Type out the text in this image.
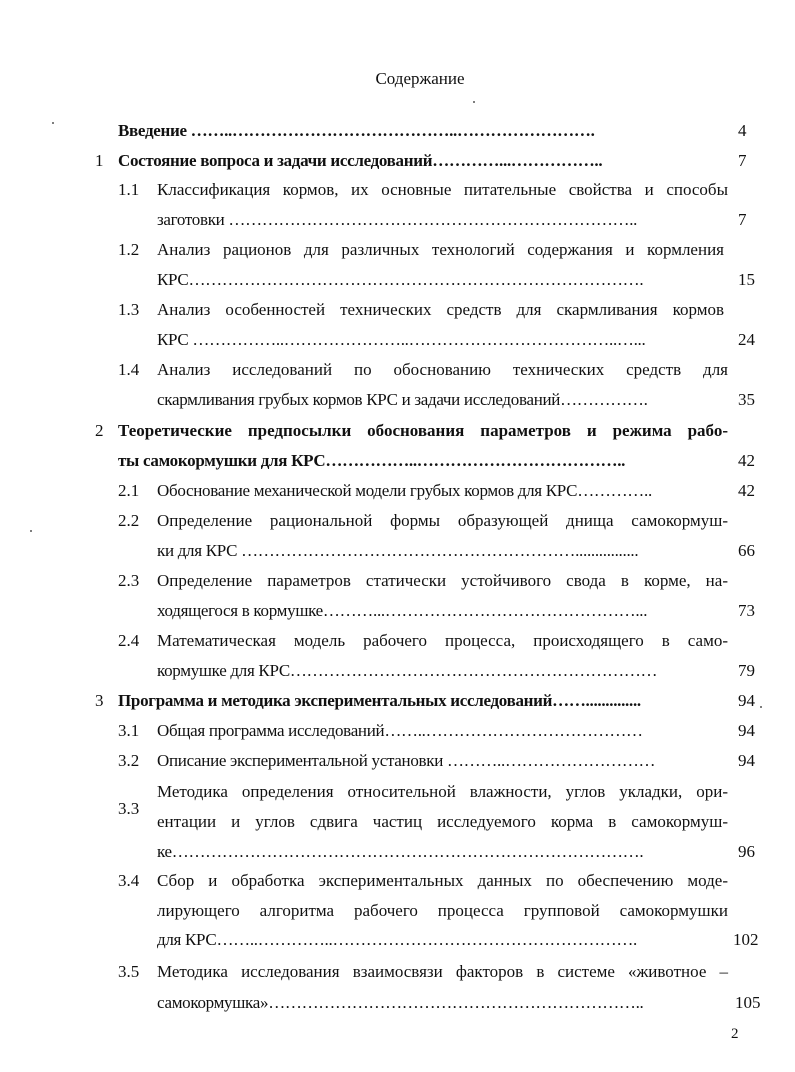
Содержание
Введение ……..…………………………………..…………………….	4
1 Состояние вопроса и задачи исследований…………...……………..	7
1.1 Классификация кормов, их основные питательные свойства и способы
заготовки ………………………………………………………………..	7
1.2 Анализ рационов для различных технологий содержания и кормления
КРС……………………………………………………………………….	15
1.3 Анализ особенностей технических средств для скармливания кормов
КРС ……………..…………………..………………………………..…...	24
1.4 Анализ исследований по обоснованию технических средств для
скармливания грубых кормов КРС и задачи исследований…………….	35
2 Теоретические предпосылки обоснования параметров и режима рабо-
ты самокормушки для КРС……………..………………………………..	42
2.1 Обоснование механической модели грубых кормов для КРС…………..	42
2.2 Определение рациональной формы образующей днища самокормуш-
ки для КРС ……………………………………………………................	66
2.3 Определение параметров статически устойчивого свода в корме, на-
ходящегося в кормушке………...………………………………………...	73
2.4 Математическая модель рабочего процесса, происходящего в само-
кормушке для КРС…………………………………………………………	79
3 Программа и методика экспериментальных исследований……..............	94
3.1 Общая программа исследований……..…………………………………	94
3.2 Описание экспериментальной установки ………..………………………	94
3.3
Методика определения относительной влажности, углов укладки, ори-
ентации и углов сдвига частиц исследуемого корма в самокормуш-
ке………………………………………………………………………….	96
3.4 Сбор и обработка экспериментальных данных по обеспечению моде-
лирующего алгоритма рабочего процесса групповой самокормушки
для КРС……..…………..……………………………………………….	102
3.5 Методика исследования взаимосвязи факторов в системе «животное –
самокормушка»…………………………………………………………..	105
2
